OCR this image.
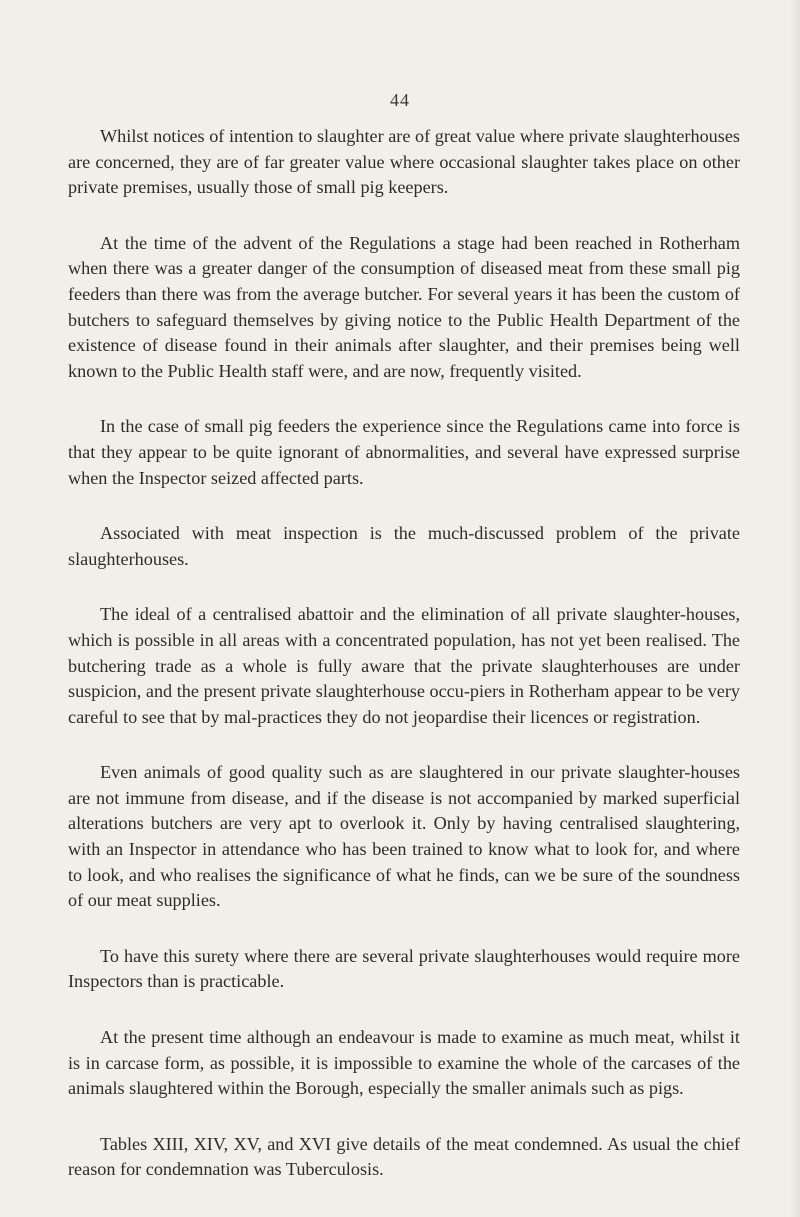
44

Whilst notices of intention to slaughter are of great value where private slaughterhouses are concerned, they are of far greater value where occasional slaughter takes place on other private premises, usually those of small pig keepers.

At the time of the advent of the Regulations a stage had been reached in Rotherham when there was a greater danger of the consumption of diseased meat from these small pig feeders than there was from the average butcher. For several years it has been the custom of butchers to safeguard themselves by giving notice to the Public Health Department of the existence of disease found in their animals after slaughter, and their premises being well known to the Public Health staff were, and are now, frequently visited.

In the case of small pig feeders the experience since the Regulations came into force is that they appear to be quite ignorant of abnormalities, and several have expressed surprise when the Inspector seized affected parts.

Associated with meat inspection is the much-discussed problem of the private slaughterhouses.

The ideal of a centralised abattoir and the elimination of all private slaughter-houses, which is possible in all areas with a concentrated population, has not yet been realised. The butchering trade as a whole is fully aware that the private slaughterhouses are under suspicion, and the present private slaughterhouse occu-piers in Rotherham appear to be very careful to see that by mal-practices they do not jeopardise their licences or registration.

Even animals of good quality such as are slaughtered in our private slaughter-houses are not immune from disease, and if the disease is not accompanied by marked superficial alterations butchers are very apt to overlook it. Only by having centralised slaughtering, with an Inspector in attendance who has been trained to know what to look for, and where to look, and who realises the significance of what he finds, can we be sure of the soundness of our meat supplies.

To have this surety where there are several private slaughterhouses would require more Inspectors than is practicable.

At the present time although an endeavour is made to examine as much meat, whilst it is in carcase form, as possible, it is impossible to examine the whole of the carcases of the animals slaughtered within the Borough, especially the smaller animals such as pigs.

Tables XIII, XIV, XV, and XVI give details of the meat condemned. As usual the chief reason for condemnation was Tuberculosis.
